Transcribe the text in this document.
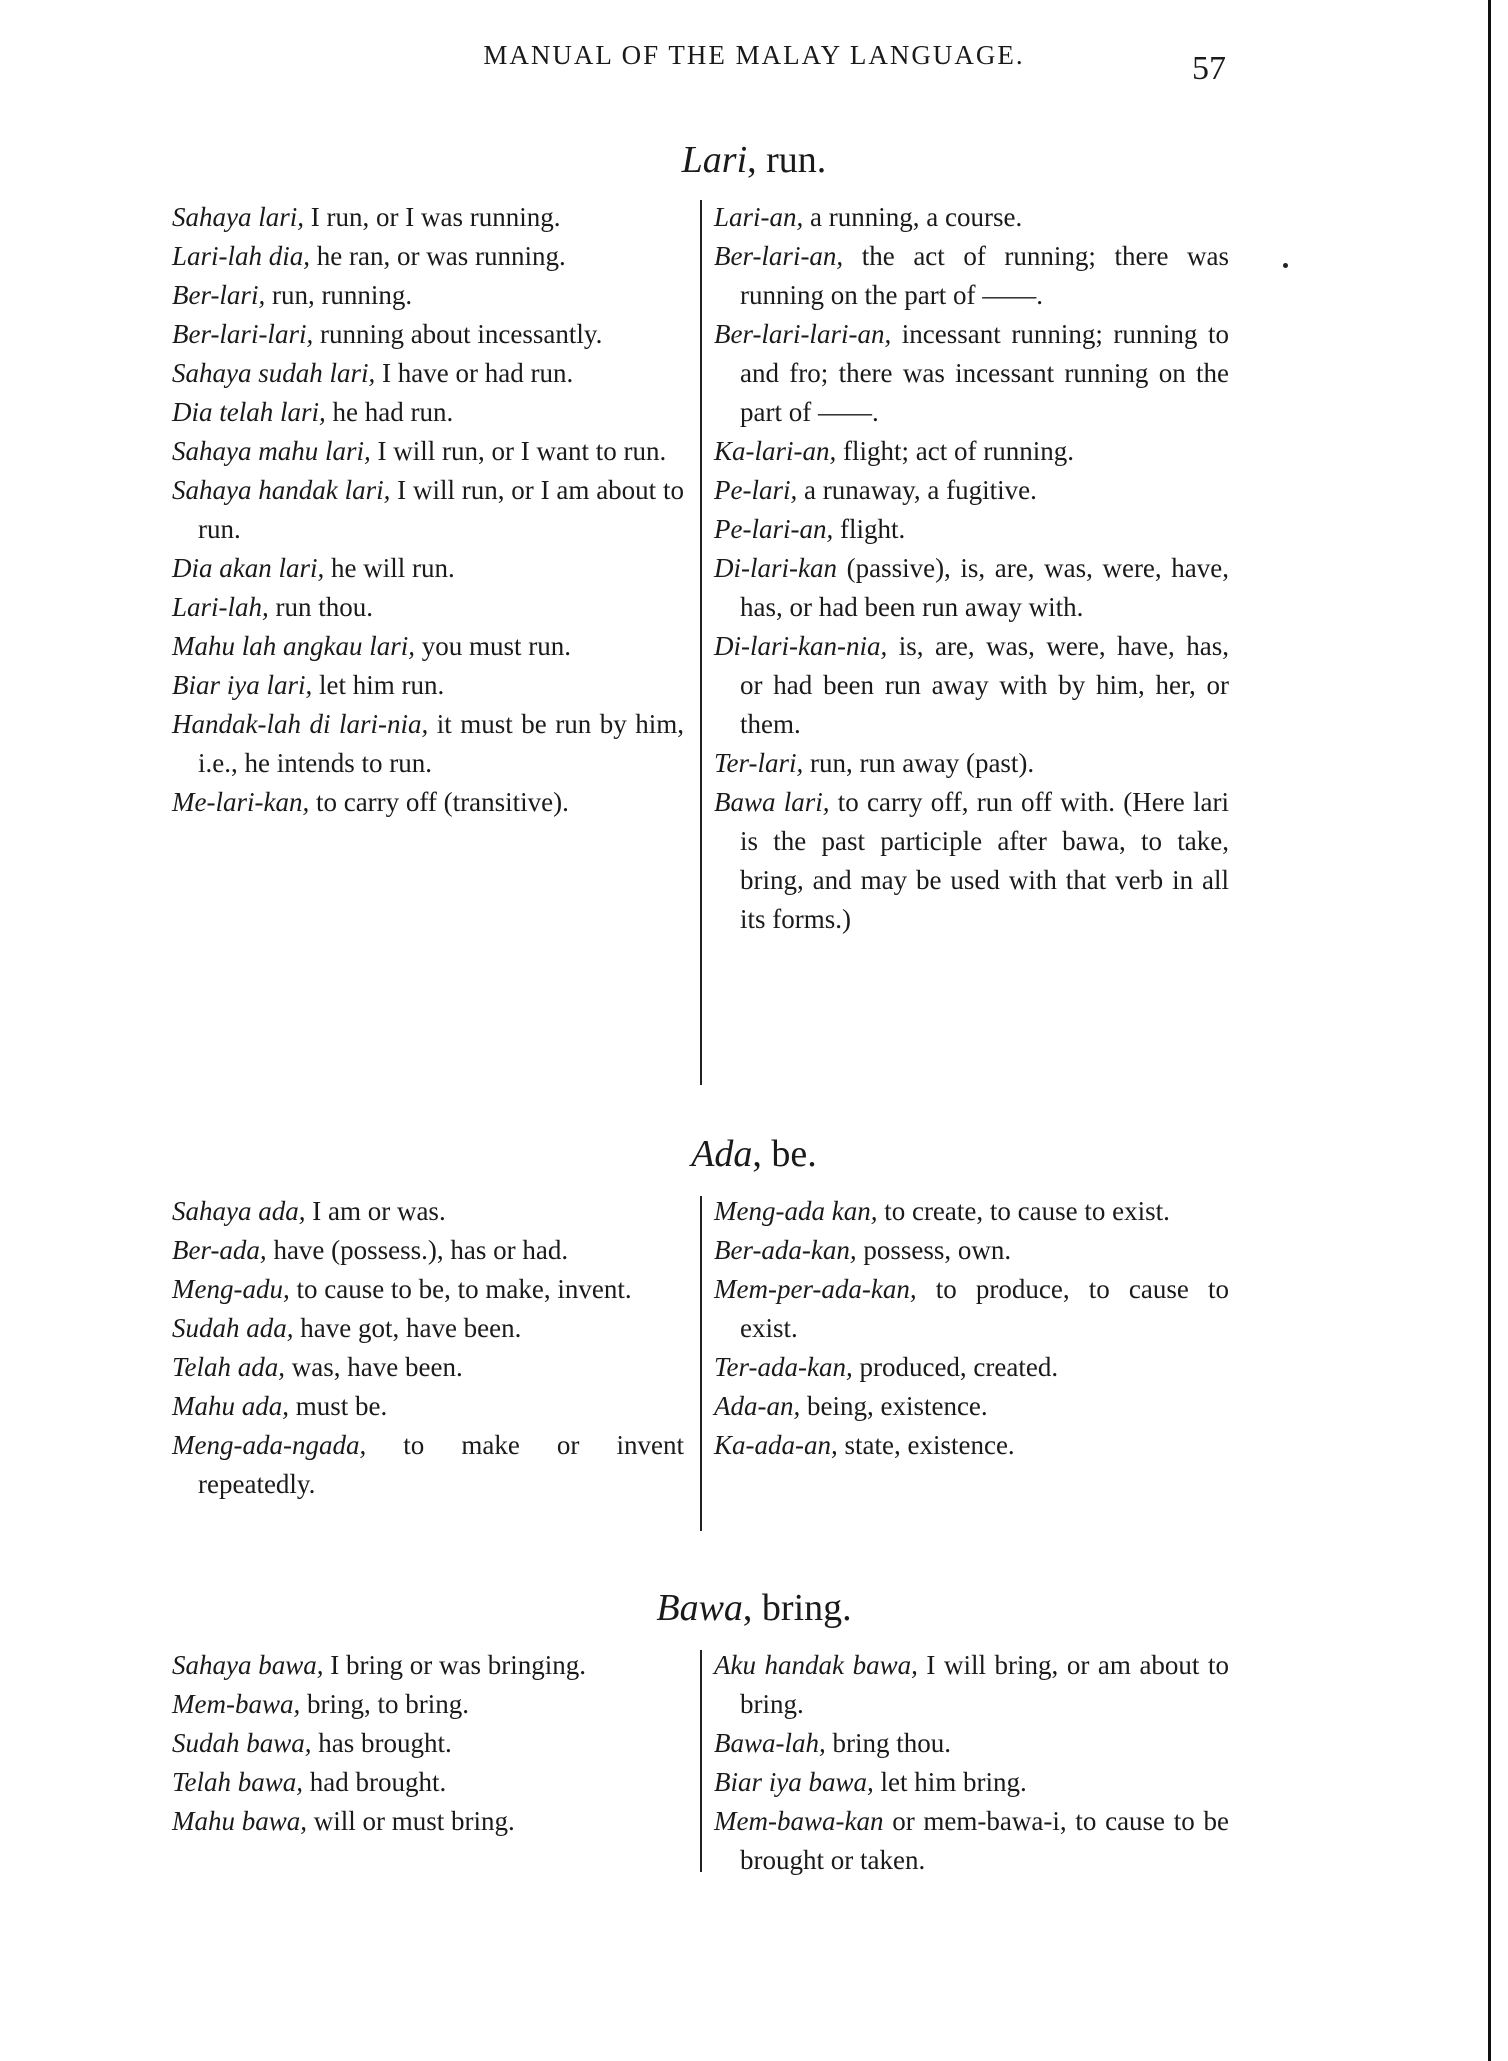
MANUAL OF THE MALAY LANGUAGE.	57
Lari, run.
Sahaya lari, I run, or I was running.
Lari-lah dia, he ran, or was running.
Ber-lari, run, running.
Ber-lari-lari, running about incessantly.
Sahaya sudah lari, I have or had run.
Dia telah lari, he had run.
Sahaya mahu lari, I will run, or I want to run.
Sahaya handak lari, I will run, or I am about to run.
Dia akan lari, he will run.
Lari-lah, run thou.
Mahu lah angkau lari, you must run.
Biar iya lari, let him run.
Handak-lah di lari-nia, it must be run by him, i.e., he intends to run.
Me-lari-kan, to carry off (transitive).
Lari-an, a running, a course.
Ber-lari-an, the act of running; there was running on the part of ——.
Ber-lari-lari-an, incessant running; running to and fro; there was incessant running on the part of ——.
Ka-lari-an, flight; act of running.
Pe-lari, a runaway, a fugitive.
Pe-lari-an, flight.
Di-lari-kan (passive), is, are, was, were, have, has, or had been run away with.
Di-lari-kan-nia, is, are, was, were, have, has, or had been run away with by him, her, or them.
Ter-lari, run, run away (past).
Bawa lari, to carry off, run off with. (Here lari is the past participle after bawa, to take, bring, and may be used with that verb in all its forms.)
Ada, be.
Sahaya ada, I am or was.
Ber-ada, have (possess.), has or had.
Meng-adu, to cause to be, to make, invent.
Sudah ada, have got, have been.
Telah ada, was, have been.
Mahu ada, must be.
Meng-ada-ngada, to make or invent repeatedly.
Meng-ada kan, to create, to cause to exist.
Ber-ada-kan, possess, own.
Mem-per-ada-kan, to produce, to cause to exist.
Ter-ada-kan, produced, created.
Ada-an, being, existence.
Ka-ada-an, state, existence.
Bawa, bring.
Sahaya bawa, I bring or was bringing.
Mem-bawa, bring, to bring.
Sudah bawa, has brought.
Telah bawa, had brought.
Mahu bawa, will or must bring.
Aku handak bawa, I will bring, or am about to bring.
Bawa-lah, bring thou.
Biar iya bawa, let him bring.
Mem-bawa-kan or mem-bawa-i, to cause to be brought or taken.
